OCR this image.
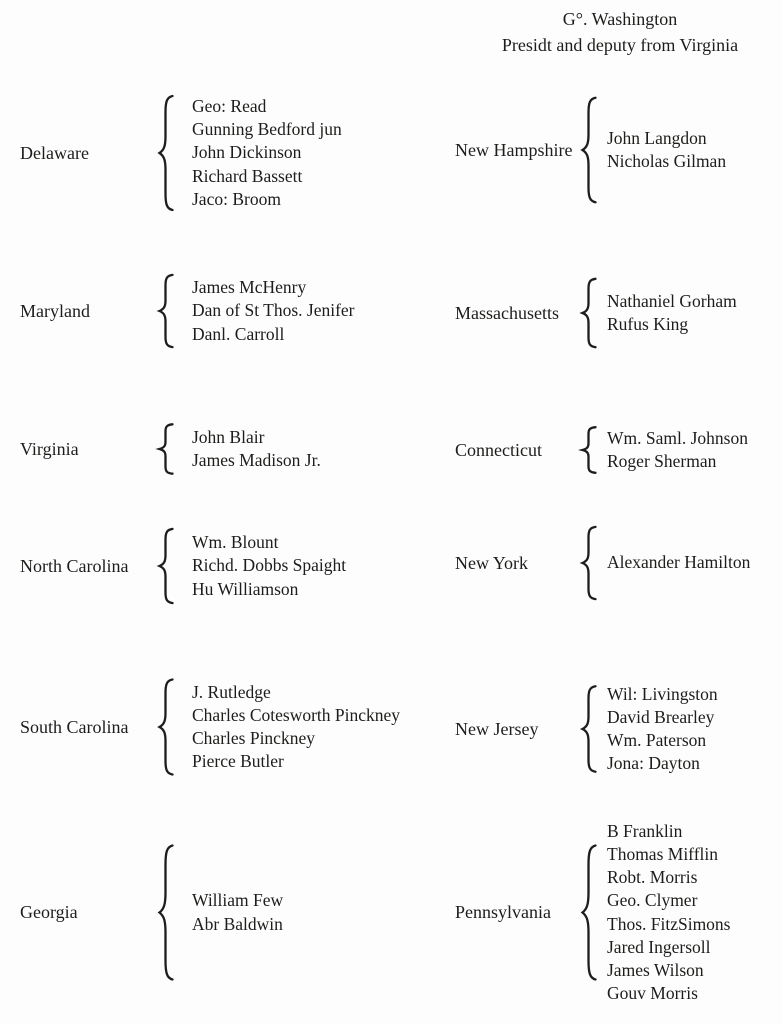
G°. Washington
Presidt and deputy from Virginia
Delaware
Geo: Read
Gunning Bedford jun
John Dickinson
Richard Bassett
Jaco: Broom
Maryland
James McHenry
Dan of St Thos. Jenifer
Danl. Carroll
Virginia
John Blair
James Madison Jr.
North Carolina
Wm. Blount
Richd. Dobbs Spaight
Hu Williamson
South Carolina
J. Rutledge
Charles Cotesworth Pinckney
Charles Pinckney
Pierce Butler
Georgia
William Few
Abr Baldwin
New Hampshire
John Langdon
Nicholas Gilman
Massachusetts
Nathaniel Gorham
Rufus King
Connecticut
Wm. Saml. Johnson
Roger Sherman
New York	Alexander Hamilton
New Jersey
Wil: Livingston
David Brearley
Wm. Paterson
Jona: Dayton
Pennsylvania
B Franklin
Thomas Mifflin
Robt. Morris
Geo. Clymer
Thos. FitzSimons
Jared Ingersoll
James Wilson
Gouv Morris
